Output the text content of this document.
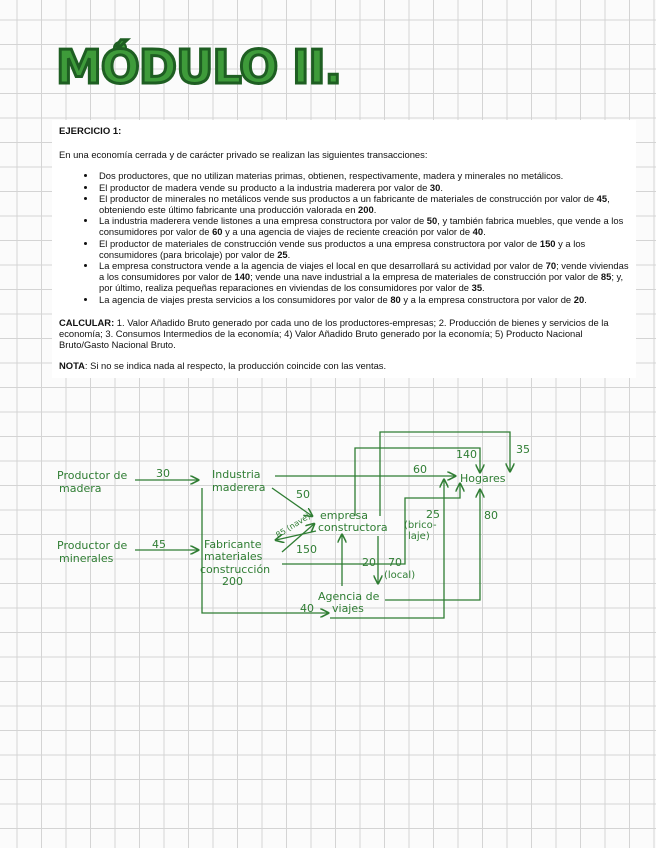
MÓDULO II.
EJERCICIO 1:

En una economía cerrada y de carácter privado se realizan las siguientes transacciones:

• Dos productores, que no utilizan materias primas, obtienen, respectivamente, madera y minerales no metálicos.
• El productor de madera vende su producto a la industria maderera por valor de 30.
• El productor de minerales no metálicos vende sus productos a un fabricante de materiales de construcción por valor de 45, obteniendo este último fabricante una producción valorada en 200.
• La industria maderera vende listones a una empresa constructora por valor de 50, y también fabrica muebles, que vende a los consumidores por valor de 60 y a una agencia de viajes de reciente creación por valor de 40.
• El productor de materiales de construcción vende sus productos a una empresa constructora por valor de 150 y a los consumidores (para bricolaje) por valor de 25.
• La empresa constructora vende a la agencia de viajes el local en que desarrollará su actividad por valor de 70; vende viviendas a los consumidores por valor de 140; vende una nave industrial a la empresa de materiales de construcción por valor de 85; y, por último, realiza pequeñas reparaciones en viviendas de los consumidores por valor de 35.
• La agencia de viajes presta servicios a los consumidores por valor de 80 y a la empresa constructora por valor de 20.

CALCULAR: 1. Valor Añadido Bruto generado por cada uno de los productores-empresas; 2. Producción de bienes y servicios de la economía; 3. Consumos Intermedios de la economía; 4) Valor Añadido Bruto generado por la economía; 5) Producto Nacional Bruto/Gasto Nacional Bruto.

NOTA: Si no se indica nada al respecto, la producción coincide con las ventas.

Productor de
madera
Productor de
minerales
Industria
maderera
Fabricante
materiales
construcción
200
empresa
constructora
Agencia de
viajes
Hogares
30
45
50
150
85 (nave)
60
140	35
25
(brico-
laje)
80
20 70
(local)
40
